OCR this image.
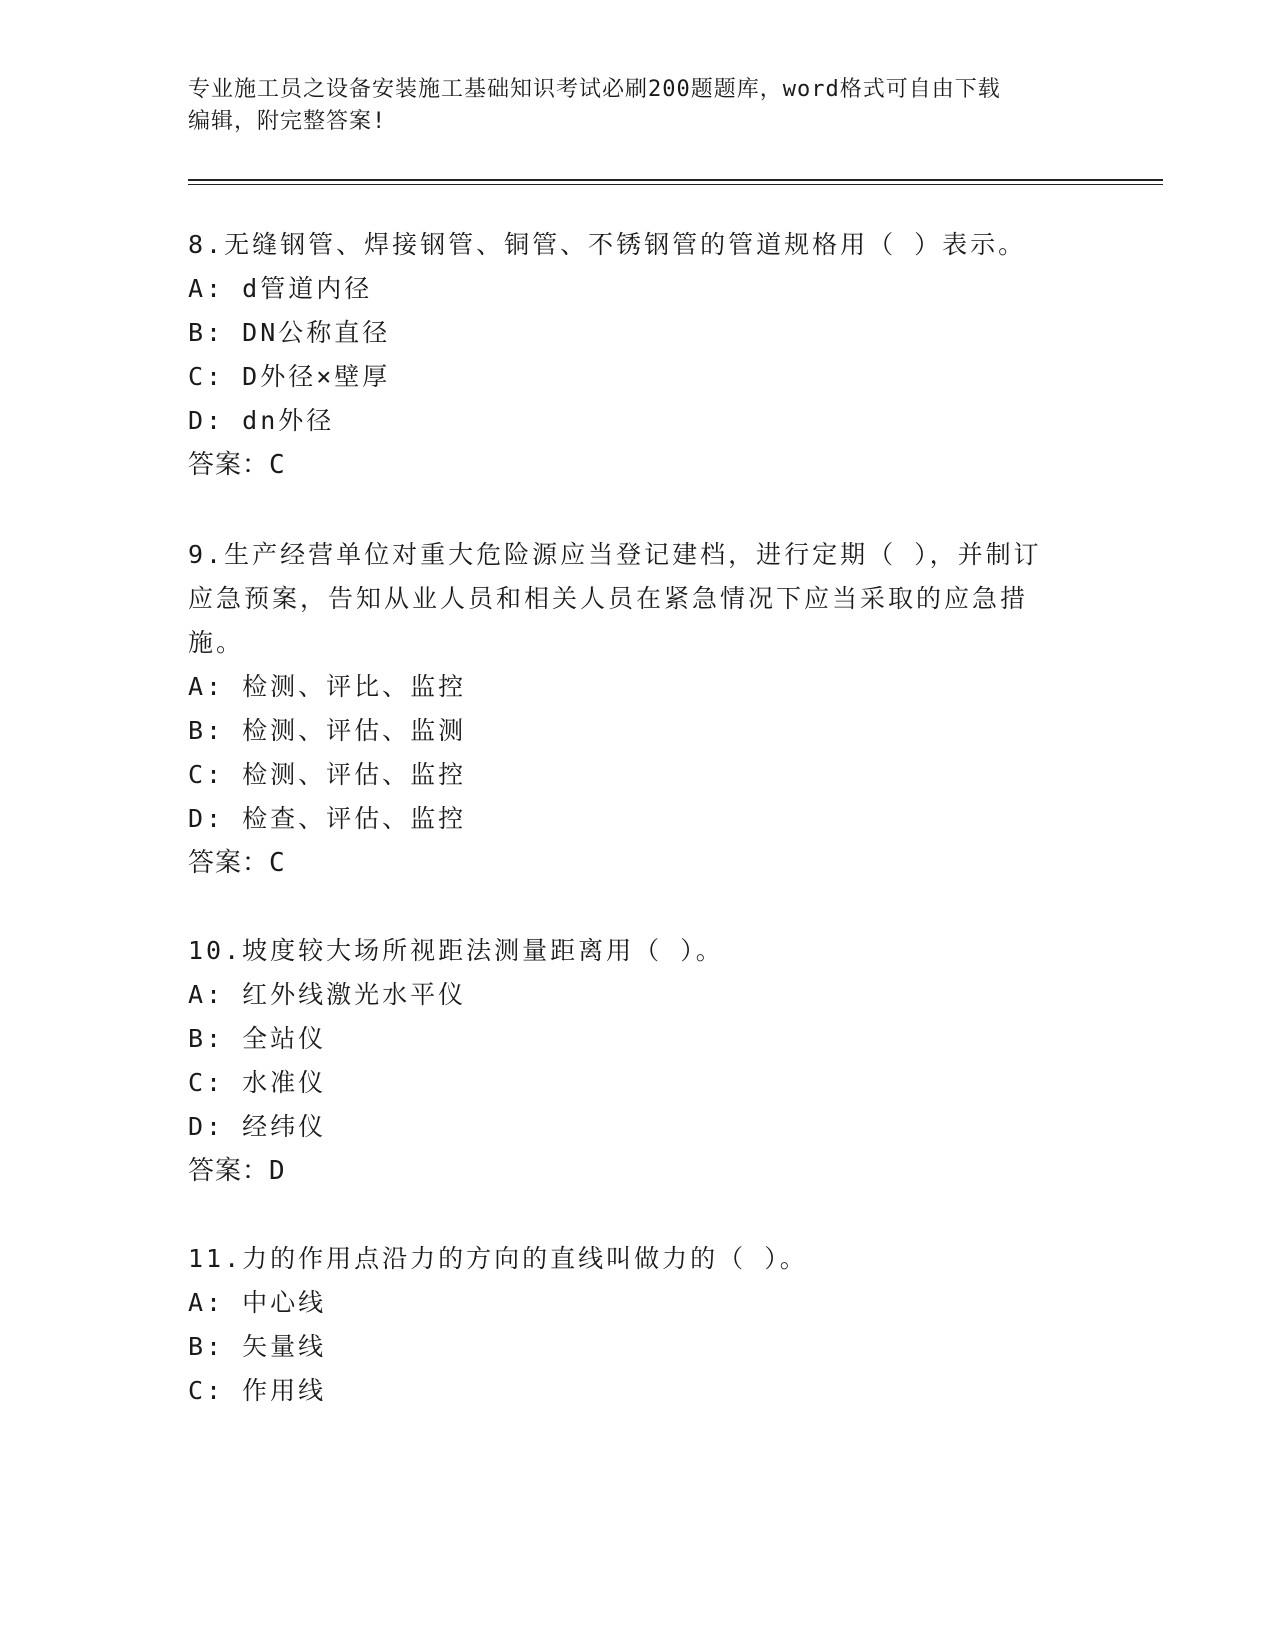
专业施工员之设备安装施工基础知识考试必刷200题题库，word格式可自由下载
编辑，附完整答案!
8.无缝钢管、焊接钢管、铜管、不锈钢管的管道规格用（ ）表示。
A: d管道内径
B: DN公称直径
C: D外径×壁厚
D: dn外径
答案：C
9.生产经营单位对重大危险源应当登记建档，进行定期（ ），并制订
应急预案，告知从业人员和相关人员在紧急情况下应当采取的应急措
施。
A: 检测、评比、监控
B: 检测、评估、监测
C: 检测、评估、监控
D: 检查、评估、监控
答案：C
10.坡度较大场所视距法测量距离用（ ）。
A: 红外线激光水平仪
B: 全站仪
C: 水准仪
D: 经纬仪
答案：D
11.力的作用点沿力的方向的直线叫做力的（ ）。
A: 中心线
B: 矢量线
C: 作用线
